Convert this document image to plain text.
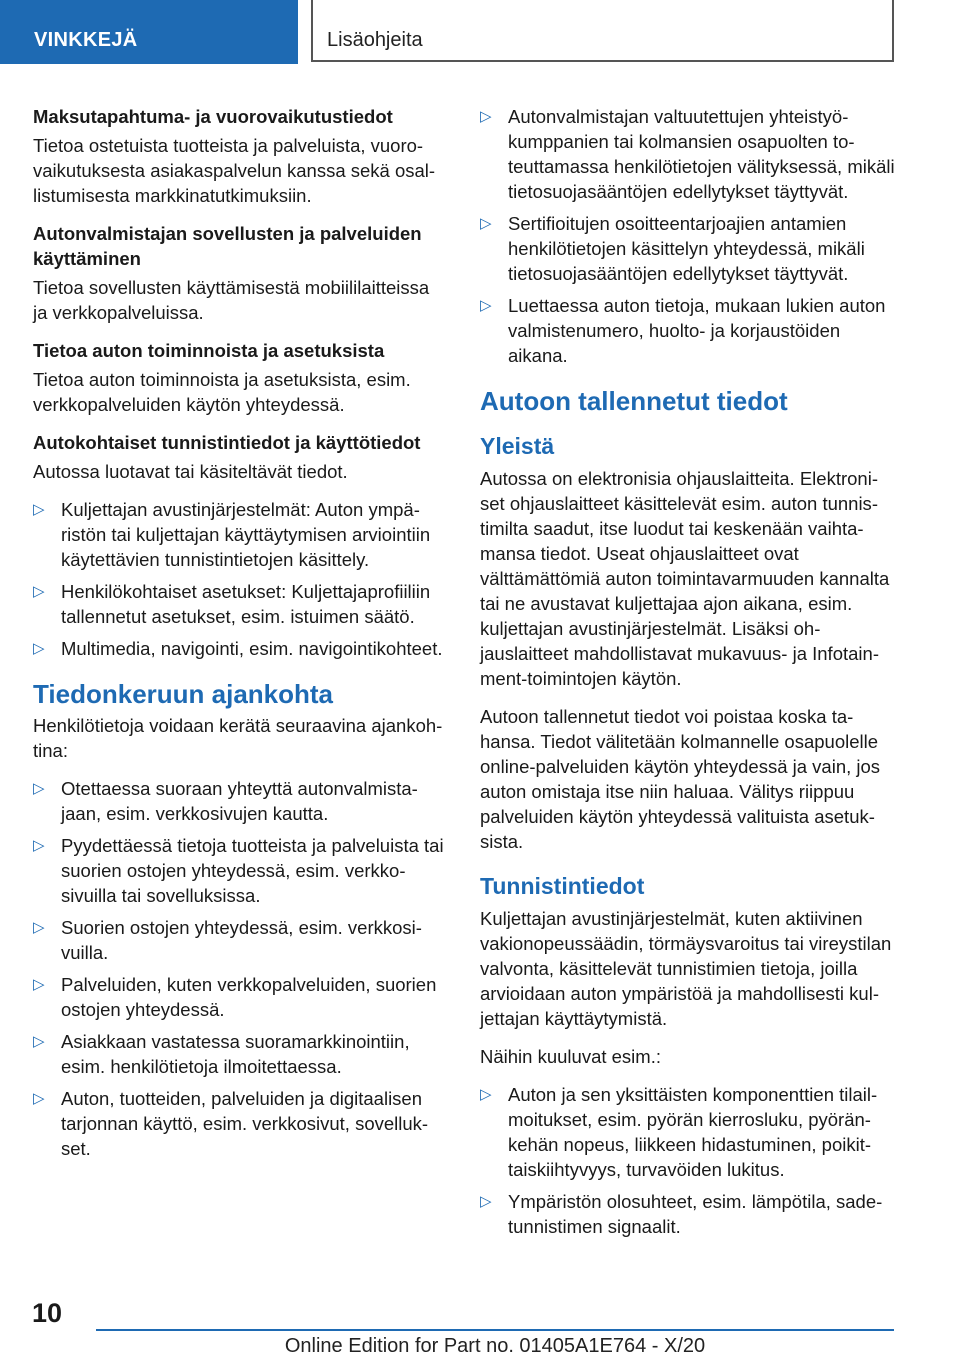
VINKKEJÄ	Lisäohjeita
Maksutapahtuma- ja vuorovaikutustiedot

Tietoa ostetuista tuotteista ja palveluista, vuorovaikutuksesta asiakaspalvelun kanssa sekä osallistumisesta markkinatutkimuksiin.

Autonvalmistajan sovellusten ja palveluiden käyttäminen

Tietoa sovellusten käyttämisestä mobiililaitteissa ja verkkopalveluissa.

Tietoa auton toiminnoista ja asetuksista

Tietoa auton toiminnoista ja asetuksista, esim. verkkopalveluiden käytön yhteydessä.

Autokohtaiset tunnistintiedot ja käyttötiedot

Autossa luotavat tai käsiteltävät tiedot.

▷ Kuljettajan avustinjärjestelmät: Auton ympäristön tai kuljettajan käyttäytymisen arviointiin käytettävien tunnistintietojen käsittely.
▷ Henkilökohtaiset asetukset: Kuljettajaprofiiliin tallennetut asetukset, esim. istuimen säätö.
▷ Multimedia, navigointi, esim. navigointikohteet.
Tiedonkeruun ajankohta

Henkilötietoja voidaan kerätä seuraavina ajankohtina:

▷ Otettaessa suoraan yhteyttä autonvalmistajaan, esim. verkkosivujen kautta.
▷ Pyydettäessä tietoja tuotteista ja palveluista tai suorien ostojen yhteydessä, esim. verkkosivuilla tai sovelluksissa.
▷ Suorien ostojen yhteydessä, esim. verkkosivuilla.
▷ Palveluiden, kuten verkkopalveluiden, suorien ostojen yhteydessä.
▷ Asiakkaan vastatessa suoramarkkinointiin, esim. henkilötietoja ilmoitettaessa.
▷ Auton, tuotteiden, palveluiden ja digitaalisen tarjonnan käyttö, esim. verkkosivut, sovellukset.
▷ Autonvalmistajan valtuutettujen yhteistyökumppanien tai kolmansien osapuolten toteuttamassa henkilötietojen välityksessä, mikäli tietosuojasääntöjen edellytykset täyttyvät.
▷ Sertifioitujen osoitteentarjoajien antamien henkilötietojen käsittelyn yhteydessä, mikäli tietosuojasääntöjen edellytykset täyttyvät.
▷ Luettaessa auton tietoja, mukaan lukien auton valmistenumero, huolto- ja korjaustöiden aikana.
Autoon tallennetut tiedot
Yleistä

Autossa on elektronisia ohjauslaitteita. Elektroniset ohjauslaitteet käsittelevät esim. auton tunnistimilta saadut, itse luodut tai keskenään vaihtamansa tiedot. Useat ohjauslaitteet ovat välttämättömiä auton toimintavarmuuden kannalta tai ne avustavat kuljettajaa ajon aikana, esim. kuljettajan avustinjärjestelmät. Lisäksi ohjauslaitteet mahdollistavat mukavuus- ja Infotainment-toimintojen käytön.

Autoon tallennetut tiedot voi poistaa koska tahansa. Tiedot välitetään kolmannelle osapuolelle online-palveluiden käytön yhteydessä ja vain, jos auton omistaja itse niin haluaa. Välitys riippuu palveluiden käytön yhteydessä valituista asetuksista.

Tunnistintiedot

Kuljettajan avustinjärjestelmät, kuten aktiivinen vakionopeussäädin, törmäysvaroitus tai vireystilan valvonta, käsittelevät tunnistimien tietoja, joilla arvioidaan auton ympäristöä ja mahdollisesti kuljettajan käyttäytymistä.

Näihin kuuluvat esim.:

▷ Auton ja sen yksittäisten komponenttien tilailmoitukset, esim. pyörän kierrosluku, pyöränkehän nopeus, liikkeen hidastuminen, poikittaiskiihtyvyys, turvavöiden lukitus.
▷ Ympäristön olosuhteet, esim. lämpötila, sadetunnistimen signaalit.
10
Online Edition for Part no. 01405A1E764 - X/20
